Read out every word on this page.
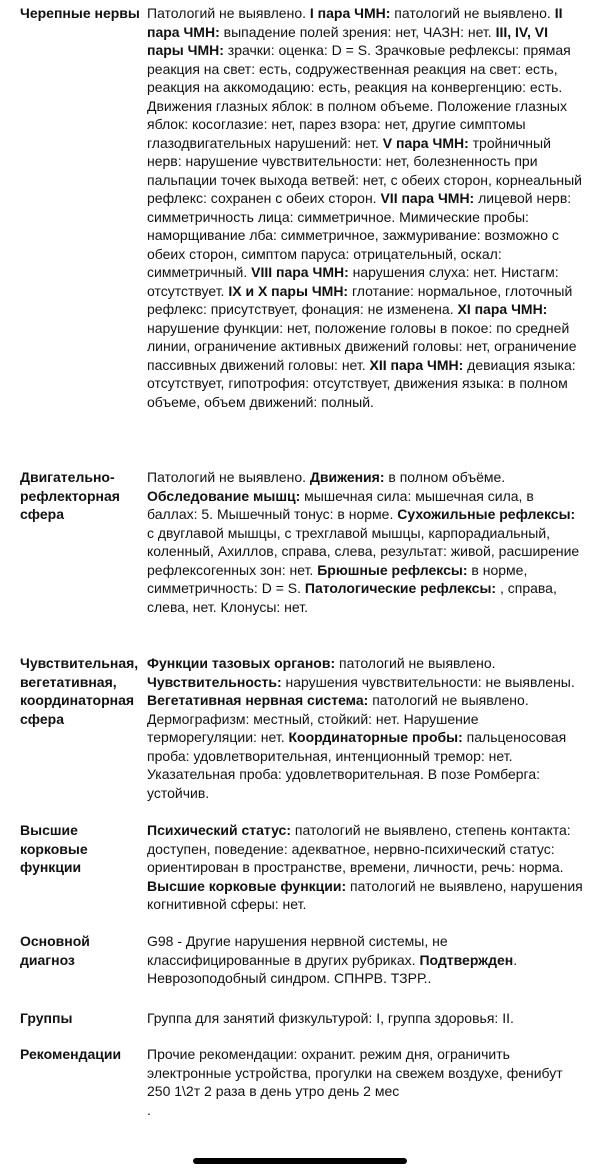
Черепные нервы Патологий не выявлено. I пара ЧМН: патологий не выявлено. II пара ЧМН: выпадение полей зрения: нет, ЧАЗН: нет. III, IV, VI пары ЧМН: зрачки: оценка: D = S. Зрачковые рефлексы: прямая реакция на свет: есть, содружественная реакция на свет: есть, реакция на аккомодацию: есть, реакция на конвергенцию: есть. Движения глазных яблок: в полном объеме. Положение глазных яблок: косоглазие: нет, парез взора: нет, другие симптомы глазодвигательных нарушений: нет. V пара ЧМН: тройничный нерв: нарушение чувствительности: нет, болезненность при пальпации точек выхода ветвей: нет, с обеих сторон, корнеальный рефлекс: сохранен с обеих сторон. VII пара ЧМН: лицевой нерв: симметричность лица: симметричное. Мимические пробы: наморщивание лба: симметричное, зажмуривание: возможно с обеих сторон, симптом паруса: отрицательный, оскал: симметричный. VIII пара ЧМН: нарушения слуха: нет. Нистагм: отсутствует. IX и X пары ЧМН: глотание: нормальное, глоточный рефлекс: присутствует, фонация: не изменена. XI пара ЧМН: нарушение функции: нет, положение головы в покое: по средней линии, ограничение активных движений головы: нет, ограничение пассивных движений головы: нет. XII пара ЧМН: девиация языка: отсутствует, гипотрофия: отсутствует, движения языка: в полном объеме, объем движений: полный.
Двигательно-рефлекторная сфера
Патологий не выявлено. Движения: в полном объёме. Обследование мышц: мышечная сила: мышечная сила, в баллах: 5. Мышечный тонус: в норме. Сухожильные рефлексы: с двуглавой мышцы, с трехглавой мышцы, карпорадиальный, коленный, Ахиллов, справа, слева, результат: живой, расширение рефлексогенных зон: нет. Брюшные рефлексы: в норме, симметричность: D = S. Патологические рефлексы: , справа, слева, нет. Клонусы: нет.
Чувствительная, вегетативная, координаторная сфера
Функции тазовых органов: патологий не выявлено. Чувствительность: нарушения чувствительности: не выявлены. Вегетативная нервная система: патологий не выявлено. Дермографизм: местный, стойкий: нет. Нарушение терморегуляции: нет. Координаторные пробы: пальценосовая проба: удовлетворительная, интенционный тремор: нет. Указательная проба: удовлетворительная. В позе Ромберга: устойчив.
Высшие корковые функции
Психический статус: патологий не выявлено, степень контакта: доступен, поведение: адекватное, нервно-психический статус: ориентирован в пространстве, времени, личности, речь: норма. Высшие корковые функции: патологий не выявлено, нарушения когнитивной сферы: нет.
Основной диагноз
G98 - Другие нарушения нервной системы, не классифицированные в других рубриках. Подтвержден. Неврозоподобный синдром. СПНРВ. ТЗРР..
Группы	Группа для занятий физкультурой: I, группа здоровья: II.
Рекомендации	Прочие рекомендации: охранит. режим дня, ограничить электронные устройства, прогулки на свежем воздухе, фенибут 250 1\2т 2 раза в день утро день 2 мес
.
